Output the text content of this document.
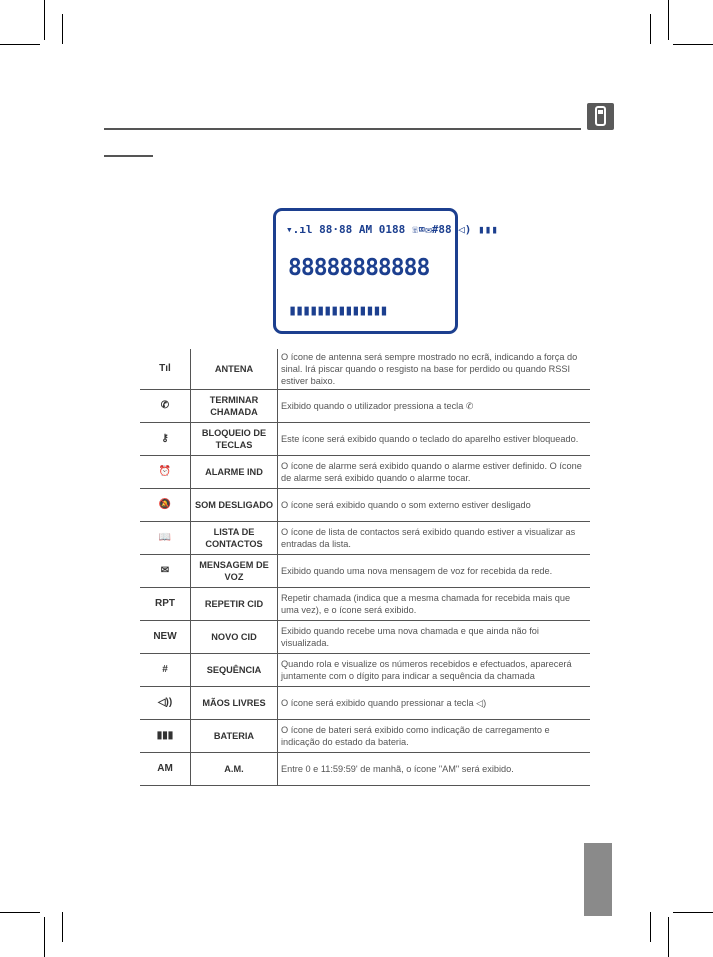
▾.ıl 88·88 AM 0188 ☏⌧✉#88 ◁) ▮▮▮
88888888888
▮▮▮▮▮▮▮▮▮▮▮▮▮▮
Tıl	ANTENA	O ícone de antenna será sempre mostrado no ecrã, indicando a força do sinal. Irá piscar quando o resgisto na base for perdido ou quando RSSI estiver baixo.
✆	TERMINAR CHAMADA	Exibido quando o utilizador pressiona a tecla ✆
⚷	BLOQUEIO DE TECLAS	Este ícone será exibido quando o teclado do aparelho estiver bloqueado.
⏰	ALARME IND	O ícone de alarme será exibido quando o alarme estiver definido. O ícone de alarme será exibido quando o alarme tocar.
🔕	SOM DESLIGADO	O ícone será exibido quando o som externo estiver desligado
📖	LISTA DE CONTACTOS	O ícone de lista de contactos será exibido quando estiver a visualizar as entradas da lista.
✉	MENSAGEM DE VOZ	Exibido quando uma nova mensagem de voz for recebida da rede.
RPT	REPETIR CID	Repetir chamada (indica que a mesma chamada for recebida mais que uma vez), e o ícone será exibido.
NEW	NOVO CID	Exibido quando recebe uma nova chamada e que ainda não foi visualizada.
#	SEQUÊNCIA	Quando rola e visualize os números recebidos e efectuados, aparecerá juntamente com o dígito para indicar a sequência da chamada
◁))	MÃOS LIVRES	O ícone será exibido quando pressionar a tecla ◁)
▮▮▮	BATERIA	O ícone de bateri será exibido como indicação de carregamento e indicação do estado da bateria.
AM	A.M.	Entre 0 e 11:59:59' de manhã, o ícone "AM" será exibido.
